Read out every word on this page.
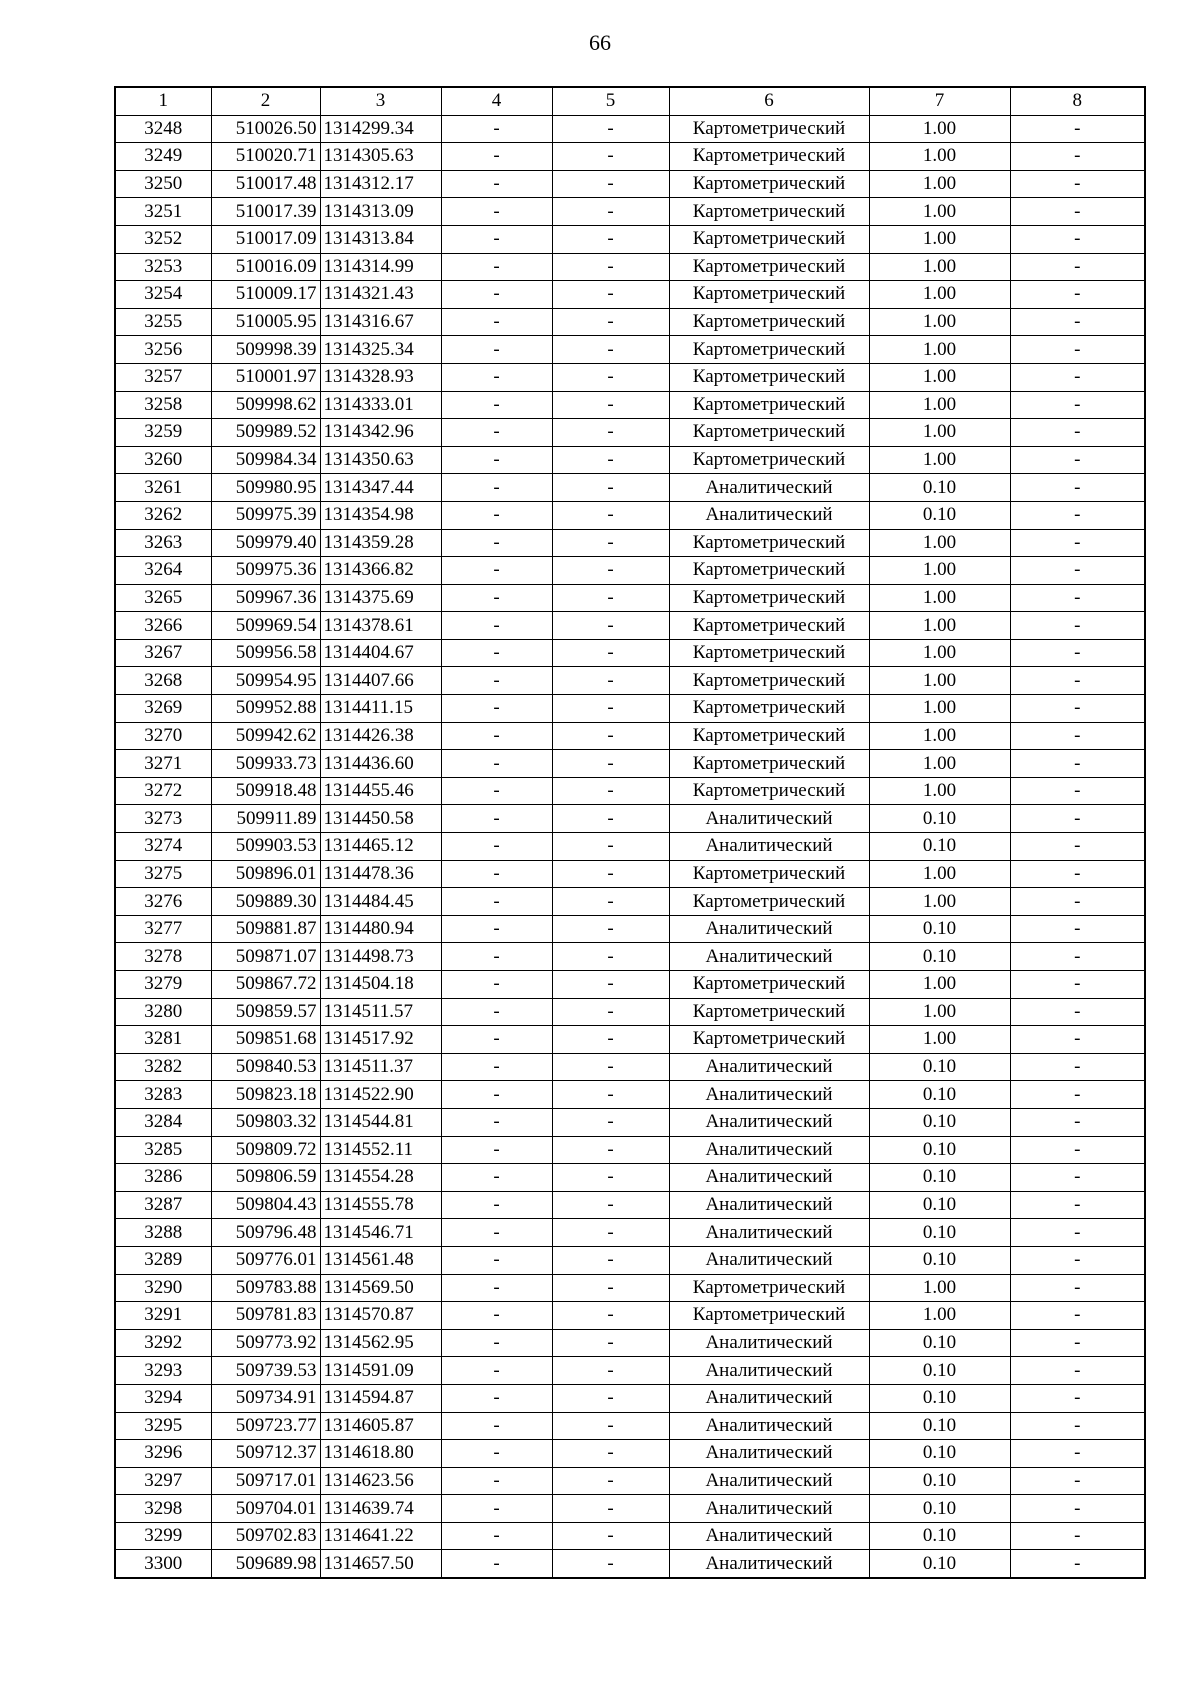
66
1	2	3	4	5	6	7	8
3248	510026.50	1314299.34	-	-	Картометрический	1.00	-
3249	510020.71	1314305.63	-	-	Картометрический	1.00	-
3250	510017.48	1314312.17	-	-	Картометрический	1.00	-
3251	510017.39	1314313.09	-	-	Картометрический	1.00	-
3252	510017.09	1314313.84	-	-	Картометрический	1.00	-
3253	510016.09	1314314.99	-	-	Картометрический	1.00	-
3254	510009.17	1314321.43	-	-	Картометрический	1.00	-
3255	510005.95	1314316.67	-	-	Картометрический	1.00	-
3256	509998.39	1314325.34	-	-	Картометрический	1.00	-
3257	510001.97	1314328.93	-	-	Картометрический	1.00	-
3258	509998.62	1314333.01	-	-	Картометрический	1.00	-
3259	509989.52	1314342.96	-	-	Картометрический	1.00	-
3260	509984.34	1314350.63	-	-	Картометрический	1.00	-
3261	509980.95	1314347.44	-	-	Аналитический	0.10	-
3262	509975.39	1314354.98	-	-	Аналитический	0.10	-
3263	509979.40	1314359.28	-	-	Картометрический	1.00	-
3264	509975.36	1314366.82	-	-	Картометрический	1.00	-
3265	509967.36	1314375.69	-	-	Картометрический	1.00	-
3266	509969.54	1314378.61	-	-	Картометрический	1.00	-
3267	509956.58	1314404.67	-	-	Картометрический	1.00	-
3268	509954.95	1314407.66	-	-	Картометрический	1.00	-
3269	509952.88	1314411.15	-	-	Картометрический	1.00	-
3270	509942.62	1314426.38	-	-	Картометрический	1.00	-
3271	509933.73	1314436.60	-	-	Картометрический	1.00	-
3272	509918.48	1314455.46	-	-	Картометрический	1.00	-
3273	509911.89	1314450.58	-	-	Аналитический	0.10	-
3274	509903.53	1314465.12	-	-	Аналитический	0.10	-
3275	509896.01	1314478.36	-	-	Картометрический	1.00	-
3276	509889.30	1314484.45	-	-	Картометрический	1.00	-
3277	509881.87	1314480.94	-	-	Аналитический	0.10	-
3278	509871.07	1314498.73	-	-	Аналитический	0.10	-
3279	509867.72	1314504.18	-	-	Картометрический	1.00	-
3280	509859.57	1314511.57	-	-	Картометрический	1.00	-
3281	509851.68	1314517.92	-	-	Картометрический	1.00	-
3282	509840.53	1314511.37	-	-	Аналитический	0.10	-
3283	509823.18	1314522.90	-	-	Аналитический	0.10	-
3284	509803.32	1314544.81	-	-	Аналитический	0.10	-
3285	509809.72	1314552.11	-	-	Аналитический	0.10	-
3286	509806.59	1314554.28	-	-	Аналитический	0.10	-
3287	509804.43	1314555.78	-	-	Аналитический	0.10	-
3288	509796.48	1314546.71	-	-	Аналитический	0.10	-
3289	509776.01	1314561.48	-	-	Аналитический	0.10	-
3290	509783.88	1314569.50	-	-	Картометрический	1.00	-
3291	509781.83	1314570.87	-	-	Картометрический	1.00	-
3292	509773.92	1314562.95	-	-	Аналитический	0.10	-
3293	509739.53	1314591.09	-	-	Аналитический	0.10	-
3294	509734.91	1314594.87	-	-	Аналитический	0.10	-
3295	509723.77	1314605.87	-	-	Аналитический	0.10	-
3296	509712.37	1314618.80	-	-	Аналитический	0.10	-
3297	509717.01	1314623.56	-	-	Аналитический	0.10	-
3298	509704.01	1314639.74	-	-	Аналитический	0.10	-
3299	509702.83	1314641.22	-	-	Аналитический	0.10	-
3300	509689.98	1314657.50	-	-	Аналитический	0.10	-
